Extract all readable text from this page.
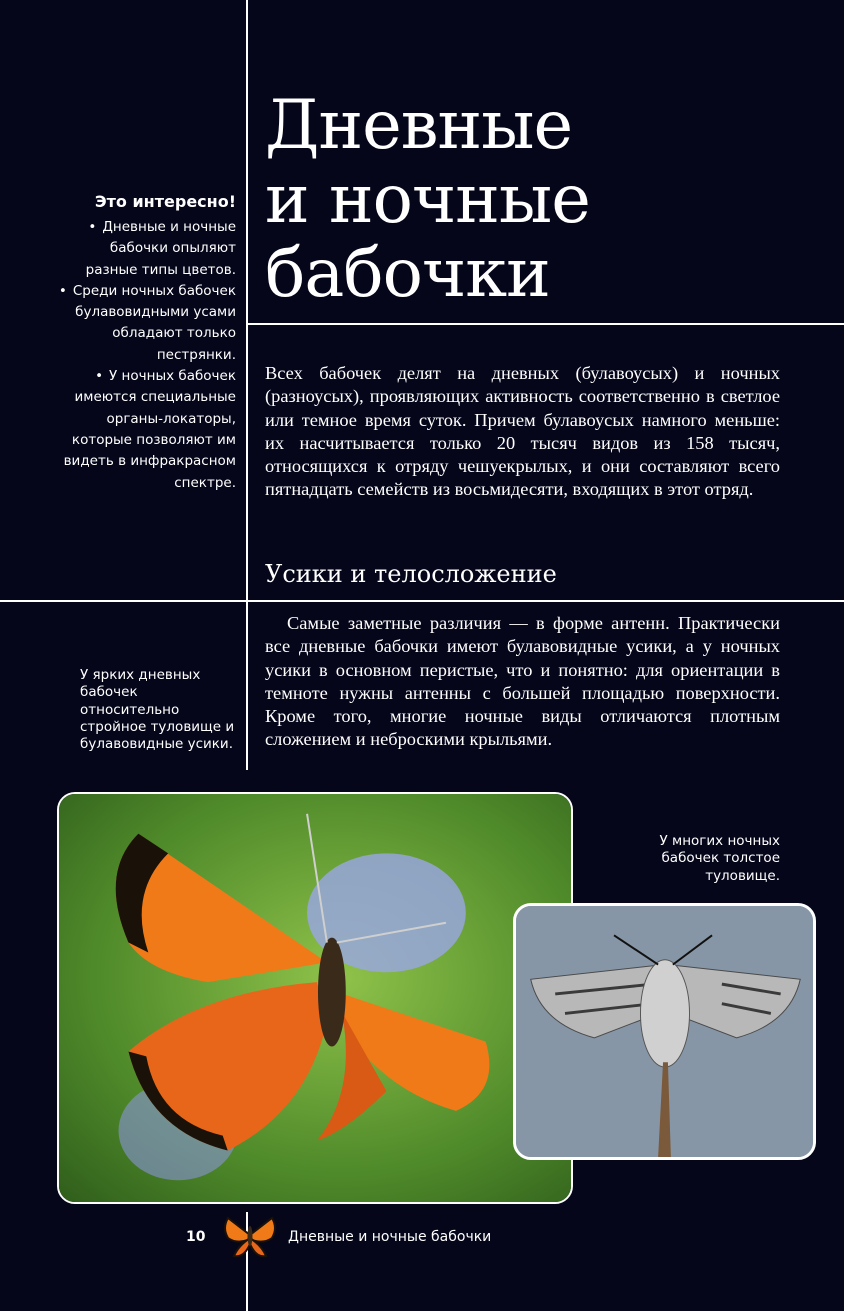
Дневные
и ночные
бабочки
Это интересно!

• Дневные и ночные бабочки опыляют разные типы цветов.

• Среди ночных бабочек булавовидными усами обладают только пестрянки.

• У ночных бабочек имеются специальные органы-локаторы, которые позволяют им видеть в инфракрасном спектре.

Всех бабочек делят на дневных (булавоусых) и ночных (разноусых), проявляющих активность соответственно в светлое или темное время суток. Причем булавоусых намного меньше: их насчитывается только 20 тысяч видов из 158 тысяч, относящихся к отряду чешуекрылых, и они составляют всего пятнадцать семейств из восьмидесяти, входящих в этот отряд.

Усики и телосложение

Самые заметные различия — в форме антенн. Практически все дневные бабочки имеют булавовидные усики, а у ночных усики в основном перистые, что и понятно: для ориентации в темноте нужны антенны с большей площадью поверхности. Кроме того, многие ночные виды отличаются плотным сложением и неброскими крыльями.

У ярких дневных бабочек относительно стройное туловище и булавовидные усики.
У многих ночных бабочек толстое туловище.
10	Дневные и ночные бабочки
